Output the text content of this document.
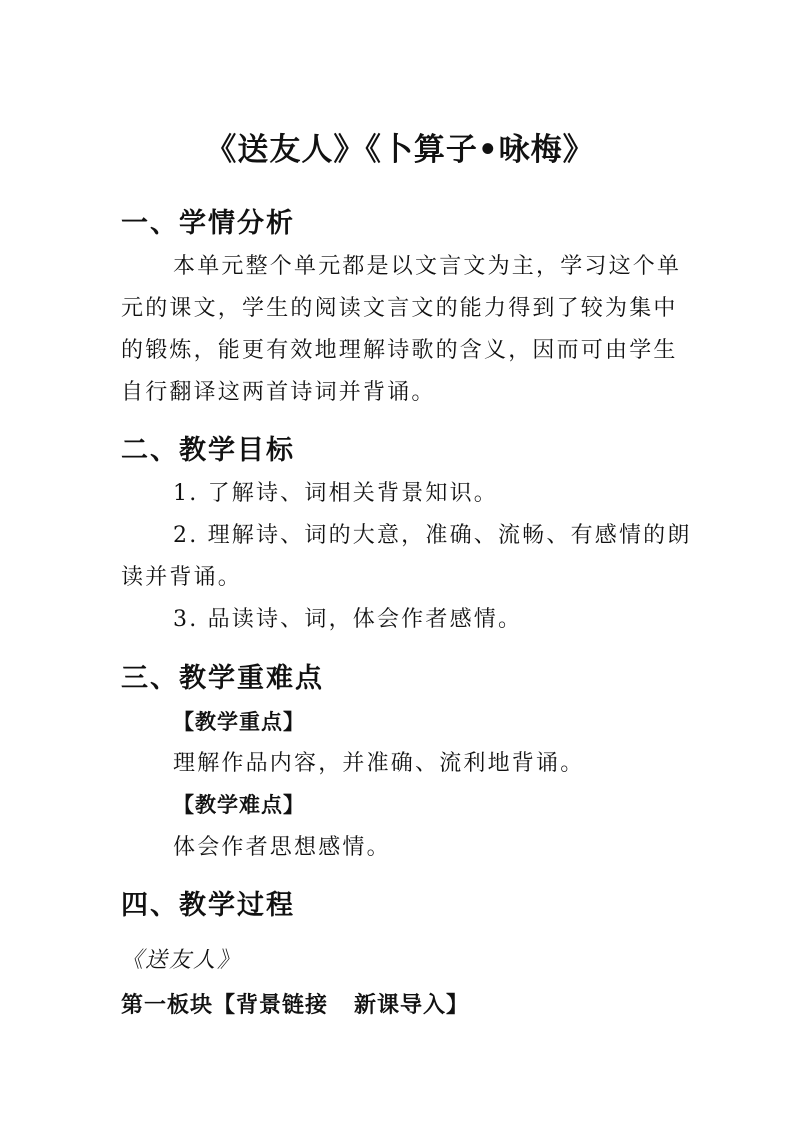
《送友人》《卜算子•咏梅》
一、学情分析
本单元整个单元都是以文言文为主，学习这个单
元的课文，学生的阅读文言文的能力得到了较为集中
的锻炼，能更有效地理解诗歌的含义，因而可由学生
自行翻译这两首诗词并背诵。
二、教学目标
1. 了解诗、词相关背景知识。
2. 理解诗、词的大意，准确、流畅、有感情的朗
读并背诵。
3. 品读诗、词，体会作者感情。
三、教学重难点
【教学重点】
理解作品内容，并准确、流利地背诵。
【教学难点】
体会作者思想感情。
四、教学过程
《送友人》
第一板块【背景链接   新课导入】
